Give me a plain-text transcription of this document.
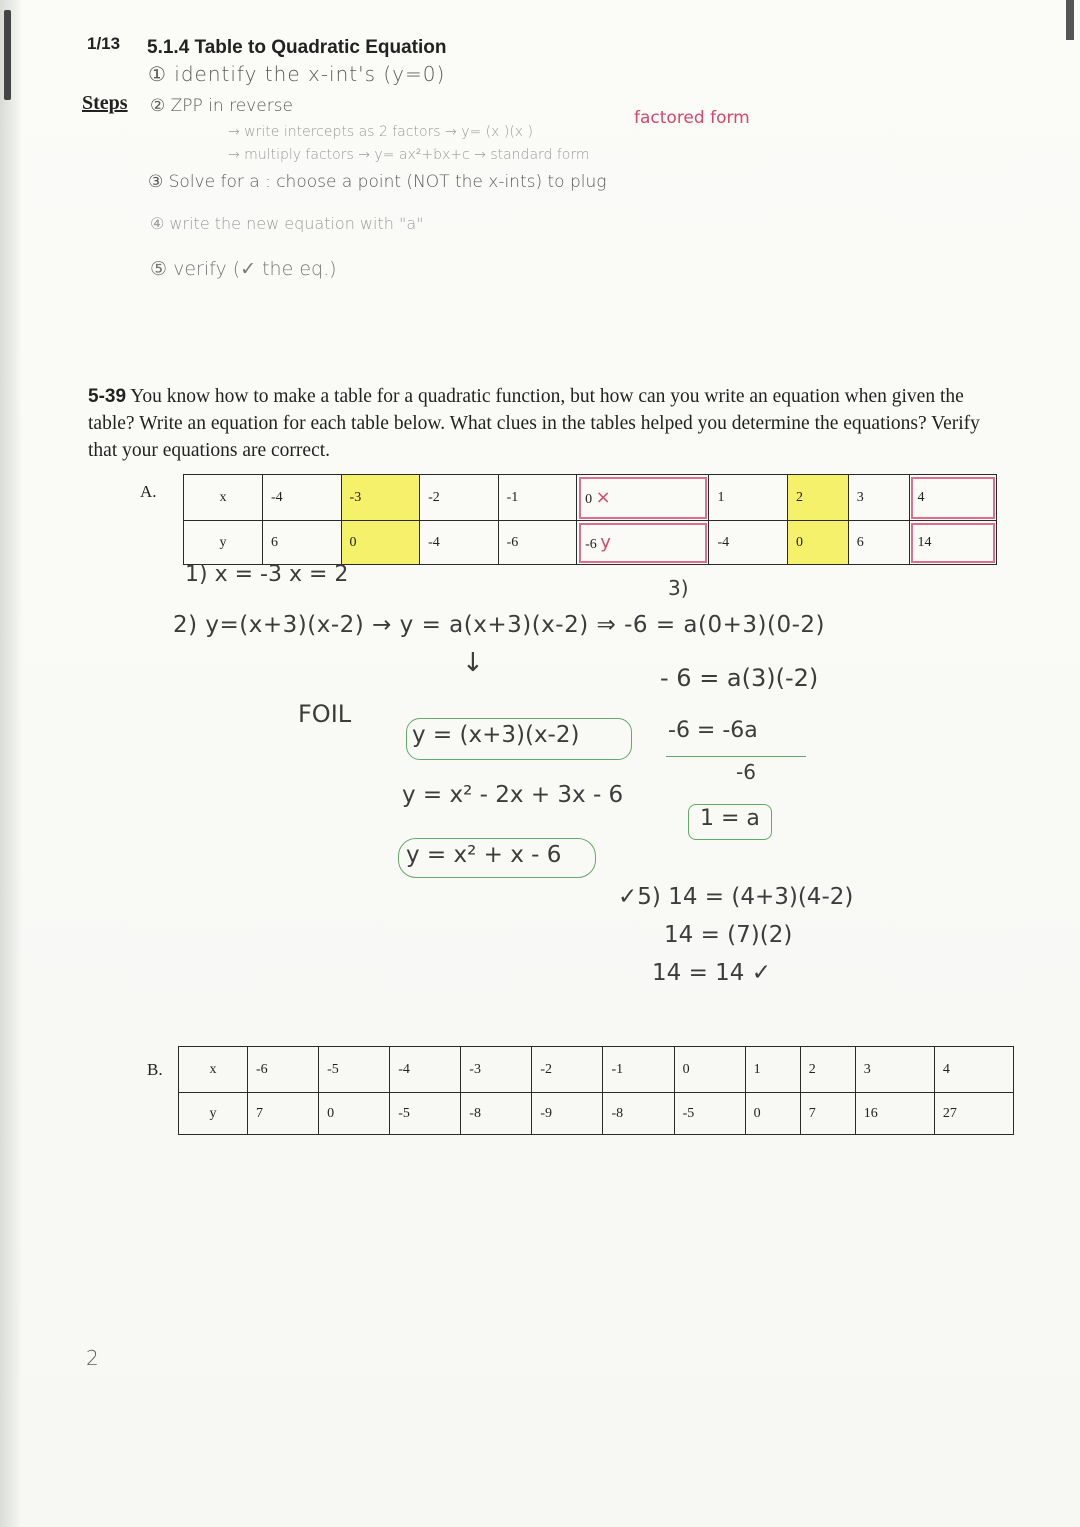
1/13 5.1.4 Table to Quadratic Equation
Steps
① identify the x-int's (y=0)
② ZPP in reverse
factored form
→ write intercepts as 2 factors → y= (x )(x )
→ multiply factors → y= ax²+bx+c → standard form
③ Solve for a : choose a point (NOT the x-ints) to plug
④ write the new equation with "a"
⑤ verify (✓ the eq.)
5-39 You know how to make a table for a quadratic function, but how can you write an equation when given the table? Write an equation for each table below. What clues in the tables helped you determine the equations? Verify that your equations are correct.
A.	x	-4	-3	-2	-1	0 ×	1	2	3	4
y	6	0	-4	-6	-6 y	-4	0	6	14
1) x = -3 x = 2
3)
2) y=(x+3)(x-2) → y = a(x+3)(x-2) ⇒ -6 = a(0+3)(0-2)
↓
FOIL
y = (x+3)(x-2)
y = x² - 2x + 3x - 6
y = x² + x - 6
- 6 = a(3)(-2)
-6 = -6a
-6
1 = a
✓5) 14 = (4+3)(4-2)
14 = (7)(2)
14 = 14 ✓
B.	x	-6	-5	-4	-3	-2	-1	0	1	2	3	4
y	7	0	-5	-8	-9	-8	-5	0	7	16	27
2
